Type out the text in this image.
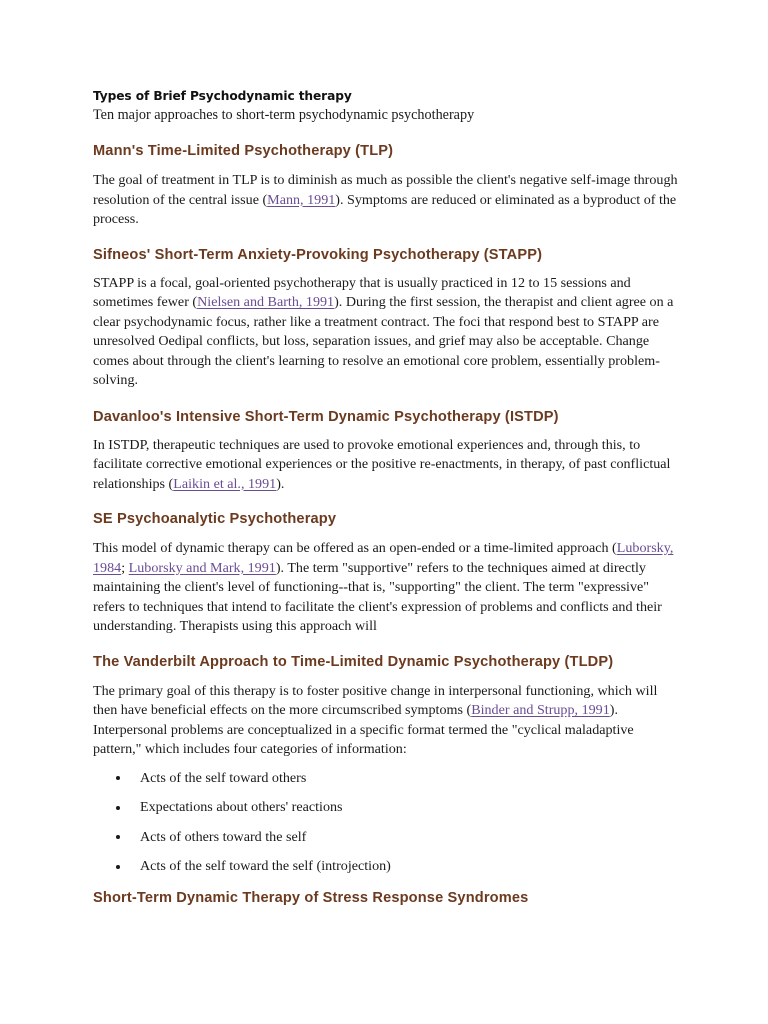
Types of Brief Psychodynamic therapy

Ten major approaches to short-term psychodynamic psychotherapy

Mann's Time-Limited Psychotherapy (TLP)

The goal of treatment in TLP is to diminish as much as possible the client's negative self-image through resolution of the central issue (Mann, 1991). Symptoms are reduced or eliminated as a byproduct of the process.

Sifneos' Short-Term Anxiety-Provoking Psychotherapy (STAPP)

STAPP is a focal, goal-oriented psychotherapy that is usually practiced in 12 to 15 sessions and sometimes fewer (Nielsen and Barth, 1991). During the first session, the therapist and client agree on a clear psychodynamic focus, rather like a treatment contract. The foci that respond best to STAPP are unresolved Oedipal conflicts, but loss, separation issues, and grief may also be acceptable. Change comes about through the client's learning to resolve an emotional core problem, essentially problem-solving.

Davanloo's Intensive Short-Term Dynamic Psychotherapy (ISTDP)

In ISTDP, therapeutic techniques are used to provoke emotional experiences and, through this, to facilitate corrective emotional experiences or the positive re-enactments, in therapy, of past conflictual relationships (Laikin et al., 1991).

SE Psychoanalytic Psychotherapy

This model of dynamic therapy can be offered as an open-ended or a time-limited approach (Luborsky, 1984; Luborsky and Mark, 1991). The term "supportive" refers to the techniques aimed at directly maintaining the client's level of functioning--that is, "supporting" the client. The term "expressive" refers to techniques that intend to facilitate the client's expression of problems and conflicts and their understanding. Therapists using this approach will

The Vanderbilt Approach to Time-Limited Dynamic Psychotherapy (TLDP)

The primary goal of this therapy is to foster positive change in interpersonal functioning, which will then have beneficial effects on the more circumscribed symptoms (Binder and Strupp, 1991). Interpersonal problems are conceptualized in a specific format termed the "cyclical maladaptive pattern," which includes four categories of information:

Acts of the self toward others
Expectations about others' reactions
Acts of others toward the self
Acts of the self toward the self (introjection)
Short-Term Dynamic Therapy of Stress Response Syndromes
